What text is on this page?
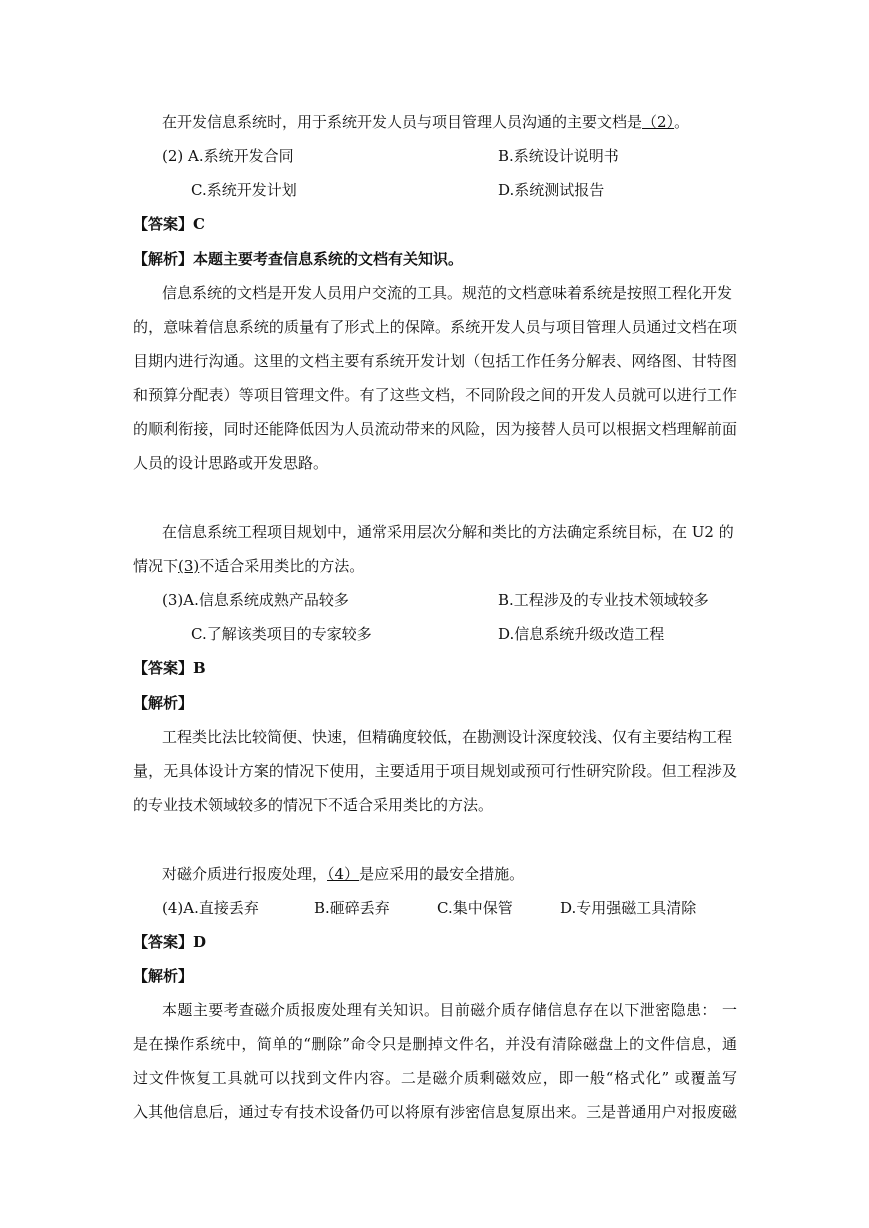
在开发信息系统时，用于系统开发人员与项目管理人员沟通的主要文档是（2）。
(2) A.系统开发合同	B.系统设计说明书
C.系统开发计划	D.系统测试报告
【答案】C
【解析】本题主要考查信息系统的文档有关知识。
信息系统的文档是开发人员用户交流的工具。规范的文档意味着系统是按照工程化开发
的，意味着信息系统的质量有了形式上的保障。系统开发人员与项目管理人员通过文档在项
目期内进行沟通。这里的文档主要有系统开发计划（包括工作任务分解表、网络图、甘特图
和预算分配表）等项目管理文件。有了这些文档，不同阶段之间的开发人员就可以进行工作
的顺利衔接，同时还能降低因为人员流动带来的风险，因为接替人员可以根据文档理解前面
人员的设计思路或开发思路。
在信息系统工程项目规划中，通常采用层次分解和类比的方法确定系统目标，在 U2 的
情况下(3)不适合采用类比的方法。
(3)A.信息系统成熟产品较多	B.工程涉及的专业技术领域较多
C.了解该类项目的专家较多	D.信息系统升级改造工程
【答案】B
【解析】
工程类比法比较简便、快速，但精确度较低，在勘测设计深度较浅、仅有主要结构工程
量，无具体设计方案的情况下使用，主要适用于项目规划或预可行性研究阶段。但工程涉及
的专业技术领域较多的情况下不适合采用类比的方法。
对磁介质进行报废处理，（4）是应采用的最安全措施。
(4)A.直接丢弃	B.砸碎丢弃	C.集中保管	D.专用强磁工具清除
【答案】D
【解析】
本题主要考查磁介质报废处理有关知识。目前磁介质存储信息存在以下泄密隐患： 一
是在操作系统中，简单的“删除”命令只是删掉文件名，并没有清除磁盘上的文件信息，通
过文件恢复工具就可以找到文件内容。二是磁介质剩磁效应，即一般“格式化” 或覆盖写
入其他信息后，通过专有技术设备仍可以将原有涉密信息复原出来。三是普通用户对报废磁
